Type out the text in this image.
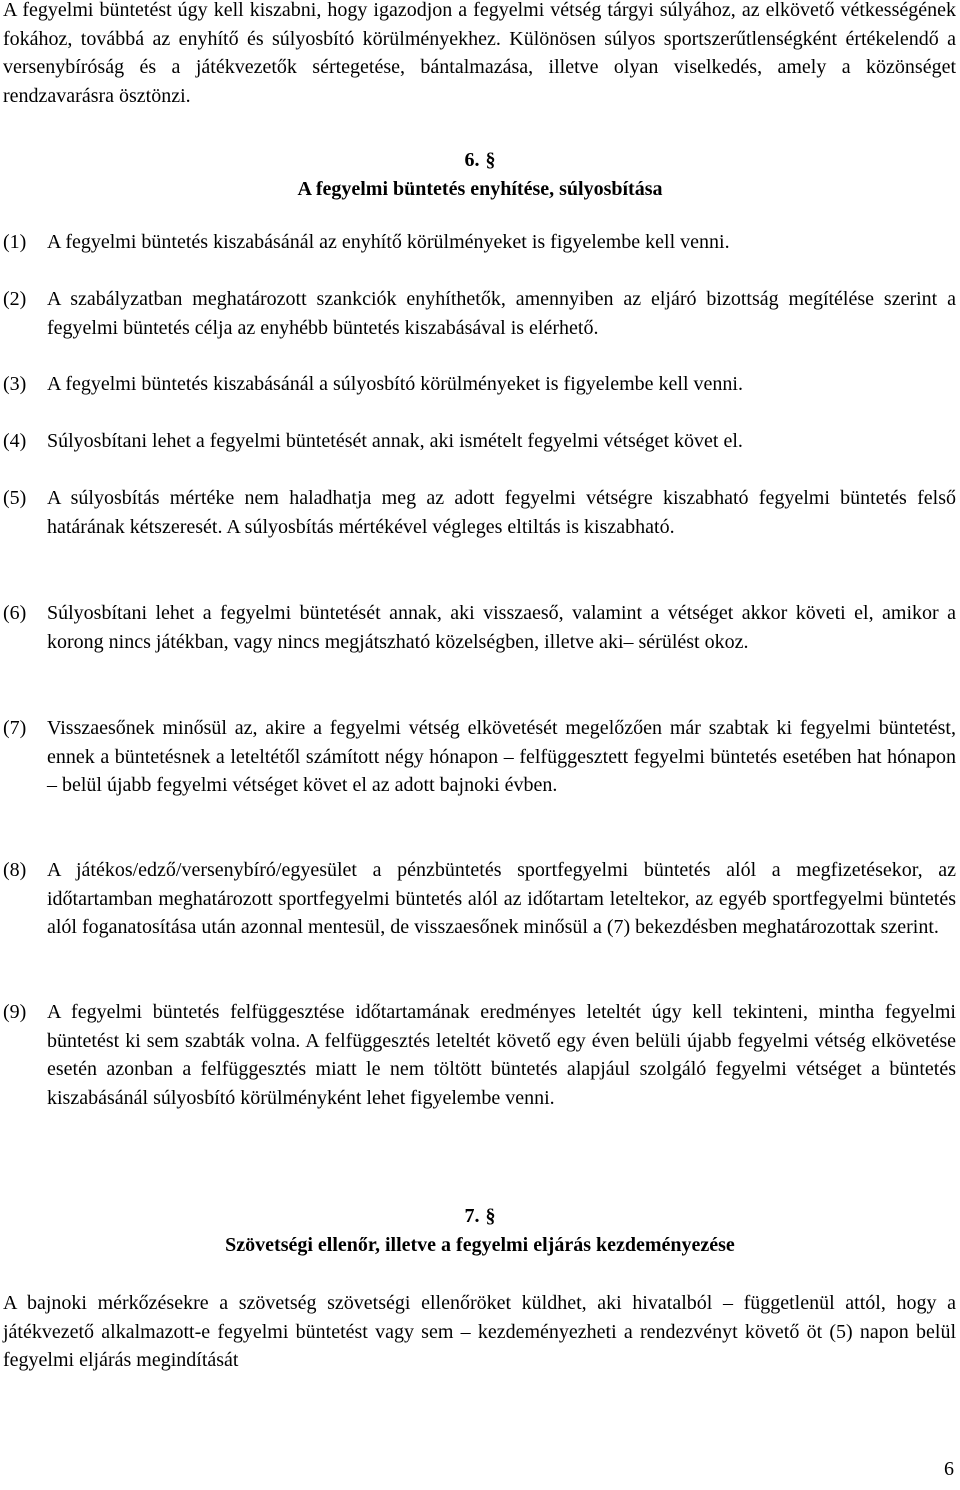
A fegyelmi büntetést úgy kell kiszabni, hogy igazodjon a fegyelmi vétség tárgyi súlyához, az elkövető vétkességének fokához, továbbá az enyhítő és súlyosbító körülményekhez. Különösen súlyos sportszerűtlenségként értékelendő a versenybíróság és a játékvezetők sértegetése, bántalmazása, illetve olyan viselkedés, amely a közönséget rendzavarásra ösztönzi.
6. §
A fegyelmi büntetés enyhítése, súlyosbítása
(1)	A fegyelmi büntetés kiszabásánál az enyhítő körülményeket is figyelembe kell venni.
(2)	A szabályzatban meghatározott szankciók enyhíthetők, amennyiben az eljáró bizottság megítélése szerint a fegyelmi büntetés célja az enyhébb büntetés kiszabásával is elérhető.
(3)	A fegyelmi büntetés kiszabásánál a súlyosbító körülményeket is figyelembe kell venni.
(4)	Súlyosbítani lehet a fegyelmi büntetését annak, aki ismételt fegyelmi vétséget követ el.
(5)	A súlyosbítás mértéke nem haladhatja meg az adott fegyelmi vétségre kiszabható fegyelmi büntetés felső határának kétszeresét. A súlyosbítás mértékével végleges eltiltás is kiszabható.
(6)	Súlyosbítani lehet a fegyelmi büntetését annak, aki visszaeső, valamint a vétséget akkor követi el, amikor a korong nincs játékban, vagy nincs megjátszható közelségben, illetve aki– sérülést okoz.
(7)	Visszaesőnek minősül az, akire a fegyelmi vétség elkövetését megelőzően már szabtak ki fegyelmi büntetést, ennek a büntetésnek a leteltétől számított négy hónapon – felfüggesztett fegyelmi büntetés esetében hat hónapon – belül újabb fegyelmi vétséget követ el az adott bajnoki évben.
(8)	A játékos/edző/versenybíró/egyesület a pénzbüntetés sportfegyelmi büntetés alól a megfizetésekor, az időtartamban meghatározott sportfegyelmi büntetés alól az időtartam leteltekor, az egyéb sportfegyelmi büntetés alól foganatosítása után azonnal mentesül, de visszaesőnek minősül a (7) bekezdésben meghatározottak szerint.
(9)	A fegyelmi büntetés felfüggesztése időtartamának eredményes leteltét úgy kell tekinteni, mintha fegyelmi büntetést ki sem szabták volna. A felfüggesztés leteltét követő egy éven belüli újabb fegyelmi vétség elkövetése esetén azonban a felfüggesztés miatt le nem töltött büntetés alapjául szolgáló fegyelmi vétséget a büntetés kiszabásánál súlyosbító körülményként lehet figyelembe venni.
7. §
Szövetségi ellenőr, illetve a fegyelmi eljárás kezdeményezése
A bajnoki mérkőzésekre a szövetség szövetségi ellenőröket küldhet, aki hivatalból – függetlenül attól, hogy a játékvezető alkalmazott-e fegyelmi büntetést vagy sem – kezdeményezheti a rendezvényt követő öt (5) napon belül fegyelmi eljárás megindítását
6
